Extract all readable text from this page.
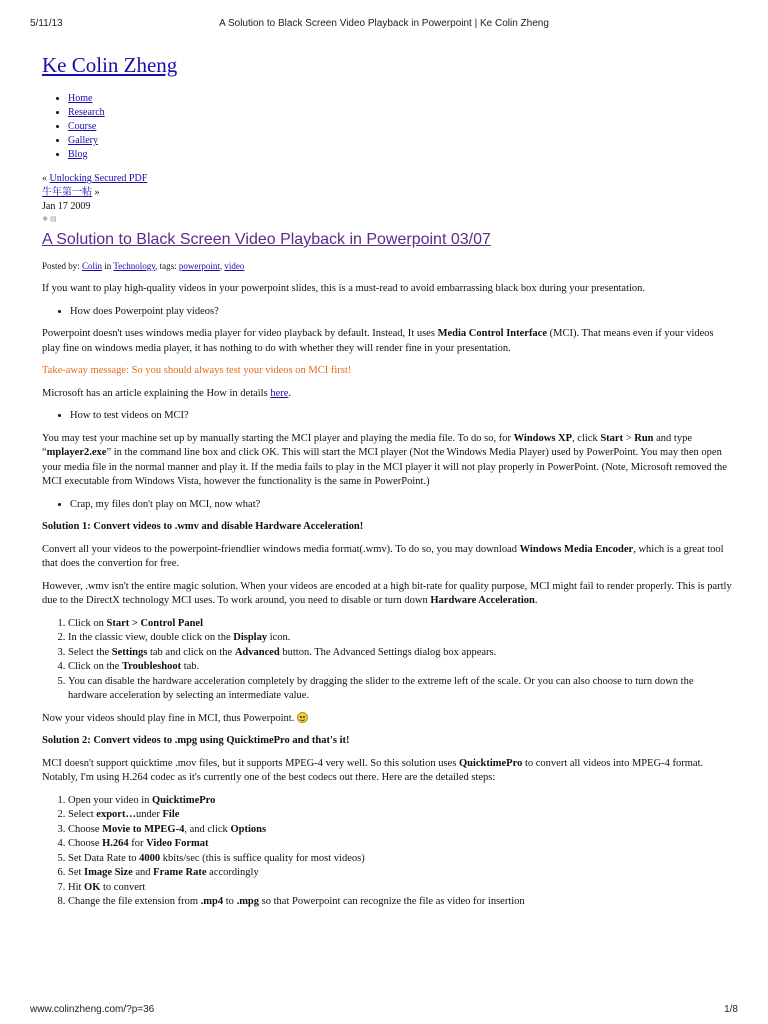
5/11/13	A Solution to Black Screen Video Playback in Powerpoint | Ke Colin Zheng
Ke Colin Zheng
• Home
• Research
• Course
• Gallery
• Blog
« Unlocking Secured PDF
牛年第一帖 »
Jan 17 2009
❖ ▤
A Solution to Black Screen Video Playback in Powerpoint 03/07
Posted by: Colin in Technology, tags: powerpoint, video

If you want to play high-quality videos in your powerpoint slides, this is a must-read to avoid embarrassing black box during your presentation.

• How does Powerpoint play videos?

Powerpoint doesn't uses windows media player for video playback by default. Instead, It uses Media Control Interface (MCI). That means even if your videos play fine on windows media player, it has nothing to do with whether they will render fine in your presentation.

Take-away message: So you should always test your videos on MCI first!

Microsoft has an article explaining the How in details here.

• How to test videos on MCI?

You may test your machine set up by manually starting the MCI player and playing the media file. To do so, for Windows XP, click Start > Run and type “mplayer2.exe” in the command line box and click OK. This will start the MCI player (Not the Windows Media Player) used by PowerPoint. You may then open your media file in the normal manner and play it. If the media fails to play in the MCI player it will not play properly in PowerPoint. (Note, Microsoft removed the MCI executable from Windows Vista, however the functionality is the same in PowerPoint.)

• Crap, my files don't play on MCI, now what?

Solution 1: Convert videos to .wmv and disable Hardware Acceleration!

Convert all your videos to the powerpoint-friendlier windows media format(.wmv). To do so, you may download Windows Media Encoder, which is a great tool that does the convertion for free.

However, .wmv isn't the entire magic solution. When your videos are encoded at a high bit-rate for quality purpose, MCI might fail to render properly. This is partly due to the DirectX technology MCI uses. To work around, you need to disable or turn down Hardware Acceleration.

1. Click on Start > Control Panel
2. In the classic view, double click on the Display icon.
3. Select the Settings tab and click on the Advanced button. The Advanced Settings dialog box appears.
4. Click on the Troubleshoot tab.
5. You can disable the hardware acceleration completely by dragging the slider to the extreme left of the scale. Or you can also choose to turn down the hardware acceleration by selecting an intermediate value.

Now your videos should play fine in MCI, thus Powerpoint.

Solution 2: Convert videos to .mpg using QuicktimePro and that's it!

MCI doesn't support quicktime .mov files, but it supports MPEG-4 very well. So this solution uses QuicktimePro to convert all videos into MPEG-4 format. Notably, I'm using H.264 codec as it's currently one of the best codecs out there. Here are the detailed steps:

1. Open your video in QuicktimePro
2. Select export…under File
3. Choose Movie to MPEG-4, and click Options
4. Choose H.264 for Video Format
5. Set Data Rate to 4000 kbits/sec (this is suffice quality for most videos)
6. Set Image Size and Frame Rate accordingly
7. Hit OK to convert
8. Change the file extension from .mp4 to .mpg so that Powerpoint can recognize the file as video for insertion
www.colinzheng.com/?p=36	1/8
